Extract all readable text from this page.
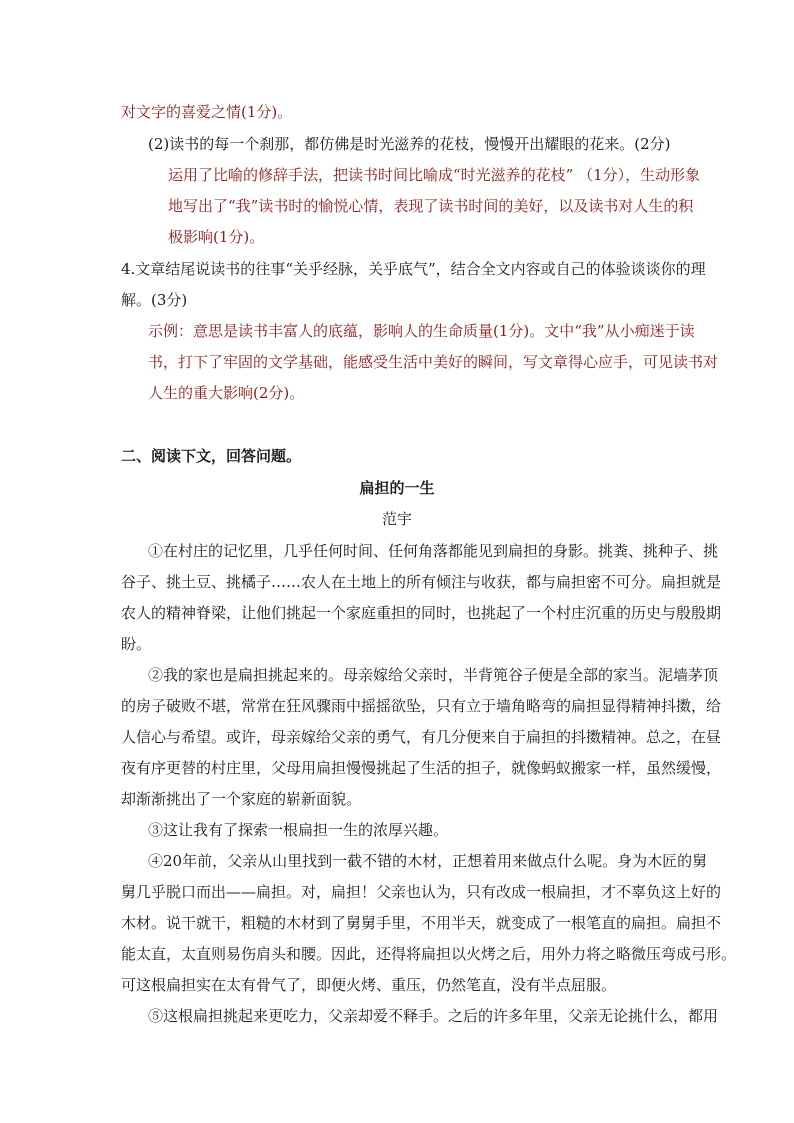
对文字的喜爱之情(1分)。
(2)读书的每一个刹那，都仿佛是时光滋养的花枝，慢慢开出耀眼的花来。(2分)
运用了比喻的修辞手法，把读书时间比喻成“时光滋养的花枝” （1分），生动形象
地写出了“我”读书时的愉悦心情，表现了读书时间的美好，以及读书对人生的积
极影响(1分)。
4.文章结尾说读书的往事“关乎经脉，关乎底气”，结合全文内容或自己的体验谈谈你的理
解。(3分)
示例：意思是读书丰富人的底蕴，影响人的生命质量(1分)。文中“我”从小痴迷于读
书，打下了牢固的文学基础，能感受生活中美好的瞬间，写文章得心应手，可见读书对
人生的重大影响(2分)。
二、阅读下文，回答问题。
扁担的一生
范宇
①在村庄的记忆里，几乎任何时间、任何角落都能见到扁担的身影。挑粪、挑种子、挑
谷子、挑土豆、挑橘子……农人在土地上的所有倾注与收获，都与扁担密不可分。扁担就是
农人的精神脊梁，让他们挑起一个家庭重担的同时，也挑起了一个村庄沉重的历史与殷殷期
盼。
②我的家也是扁担挑起来的。母亲嫁给父亲时，半背篼谷子便是全部的家当。泥墙茅顶
的房子破败不堪，常常在狂风骤雨中摇摇欲坠，只有立于墙角略弯的扁担显得精神抖擞，给
人信心与希望。或许，母亲嫁给父亲的勇气，有几分便来自于扁担的抖擞精神。总之，在昼
夜有序更替的村庄里，父母用扁担慢慢挑起了生活的担子，就像蚂蚁搬家一样，虽然缓慢，
却渐渐挑出了一个家庭的崭新面貌。
③这让我有了探索一根扁担一生的浓厚兴趣。
④20年前，父亲从山里找到一截不错的木材，正想着用来做点什么呢。身为木匠的舅
舅几乎脱口而出——扁担。对，扁担！父亲也认为，只有改成一根扁担，才不辜负这上好的
木材。说干就干，粗糙的木材到了舅舅手里，不用半天，就变成了一根笔直的扁担。扁担不
能太直，太直则易伤肩头和腰。因此，还得将扁担以火烤之后，用外力将之略微压弯成弓形。
可这根扁担实在太有骨气了，即便火烤、重压，仍然笔直，没有半点屈服。
⑤这根扁担挑起来更吃力，父亲却爱不释手。之后的许多年里，父亲无论挑什么，都用
